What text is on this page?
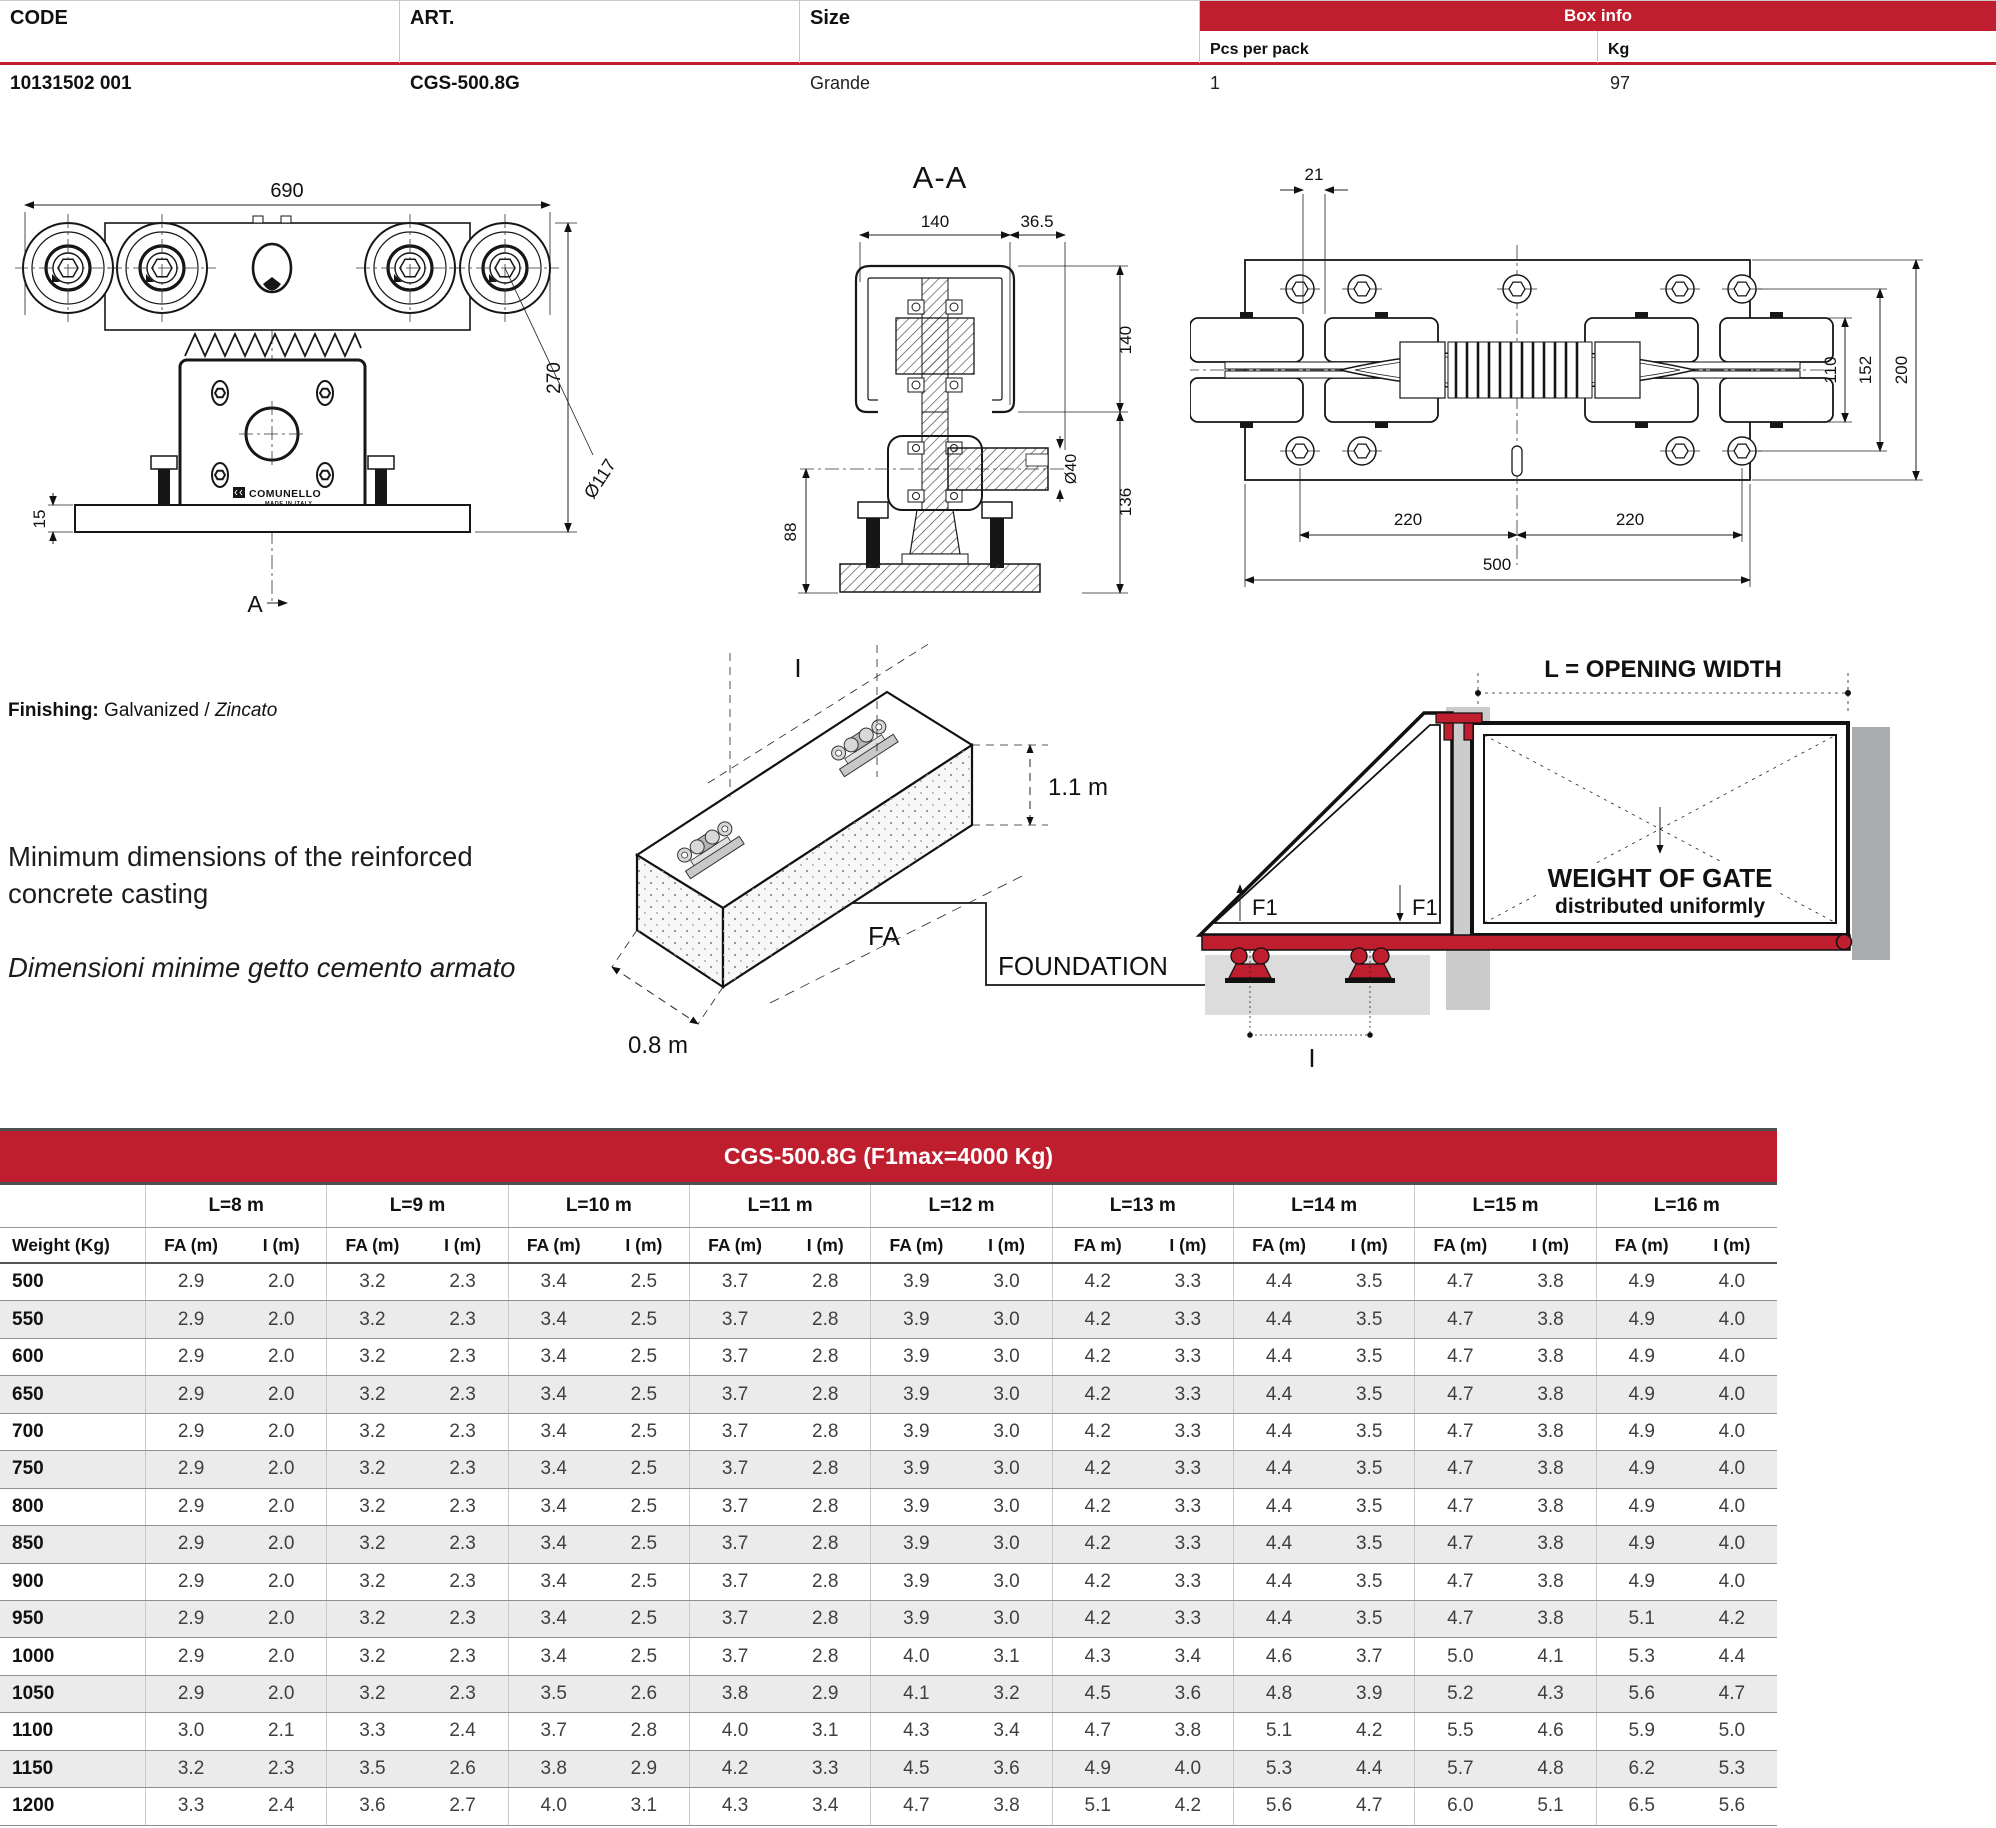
CODE	ART.	Size	Box info
Pcs per pack	Kg
10131502 001	CGS-500.8G	Grande	1	97
690
A
COMUNELLO
15
270
Ø117
A-A
140	36.5
Ø40
140
136
88
21
110 152 200
220	220
500
Finishing: Galvanized / Zincato
Minimum dimensions of the reinforced concrete casting
Dimensioni minime getto cemento armato
I
1.1 m
0.8 m
FA
FOUNDATION
L = OPENING WIDTH
WEIGHT OF GATE
distributed uniformly
F1	F1
I
CGS-500.8G (F1max=4000 Kg)
L=8 m	L=9 m	L=10 m	L=11 m	L=12 m	L=13 m	L=14 m	L=15 m	L=16 m
Weight (Kg)	FA (m)	I (m)	FA (m)	I (m)	FA (m)	I (m)	FA (m)	I (m)	FA (m)	I (m)	FA m)	I (m)	FA (m)	I (m)	FA (m)	I (m)	FA (m)	I (m)
500	2.9	2.0	3.2	2.3	3.4	2.5	3.7	2.8	3.9	3.0	4.2	3.3	4.4	3.5	4.7	3.8	4.9	4.0
550	2.9	2.0	3.2	2.3	3.4	2.5	3.7	2.8	3.9	3.0	4.2	3.3	4.4	3.5	4.7	3.8	4.9	4.0
600	2.9	2.0	3.2	2.3	3.4	2.5	3.7	2.8	3.9	3.0	4.2	3.3	4.4	3.5	4.7	3.8	4.9	4.0
650	2.9	2.0	3.2	2.3	3.4	2.5	3.7	2.8	3.9	3.0	4.2	3.3	4.4	3.5	4.7	3.8	4.9	4.0
700	2.9	2.0	3.2	2.3	3.4	2.5	3.7	2.8	3.9	3.0	4.2	3.3	4.4	3.5	4.7	3.8	4.9	4.0
750	2.9	2.0	3.2	2.3	3.4	2.5	3.7	2.8	3.9	3.0	4.2	3.3	4.4	3.5	4.7	3.8	4.9	4.0
800	2.9	2.0	3.2	2.3	3.4	2.5	3.7	2.8	3.9	3.0	4.2	3.3	4.4	3.5	4.7	3.8	4.9	4.0
850	2.9	2.0	3.2	2.3	3.4	2.5	3.7	2.8	3.9	3.0	4.2	3.3	4.4	3.5	4.7	3.8	4.9	4.0
900	2.9	2.0	3.2	2.3	3.4	2.5	3.7	2.8	3.9	3.0	4.2	3.3	4.4	3.5	4.7	3.8	4.9	4.0
950	2.9	2.0	3.2	2.3	3.4	2.5	3.7	2.8	3.9	3.0	4.2	3.3	4.4	3.5	4.7	3.8	5.1	4.2
1000	2.9	2.0	3.2	2.3	3.4	2.5	3.7	2.8	4.0	3.1	4.3	3.4	4.6	3.7	5.0	4.1	5.3	4.4
1050	2.9	2.0	3.2	2.3	3.5	2.6	3.8	2.9	4.1	3.2	4.5	3.6	4.8	3.9	5.2	4.3	5.6	4.7
1100	3.0	2.1	3.3	2.4	3.7	2.8	4.0	3.1	4.3	3.4	4.7	3.8	5.1	4.2	5.5	4.6	5.9	5.0
1150	3.2	2.3	3.5	2.6	3.8	2.9	4.2	3.3	4.5	3.6	4.9	4.0	5.3	4.4	5.7	4.8	6.2	5.3
1200	3.3	2.4	3.6	2.7	4.0	3.1	4.3	3.4	4.7	3.8	5.1	4.2	5.6	4.7	6.0	5.1	6.5	5.6
